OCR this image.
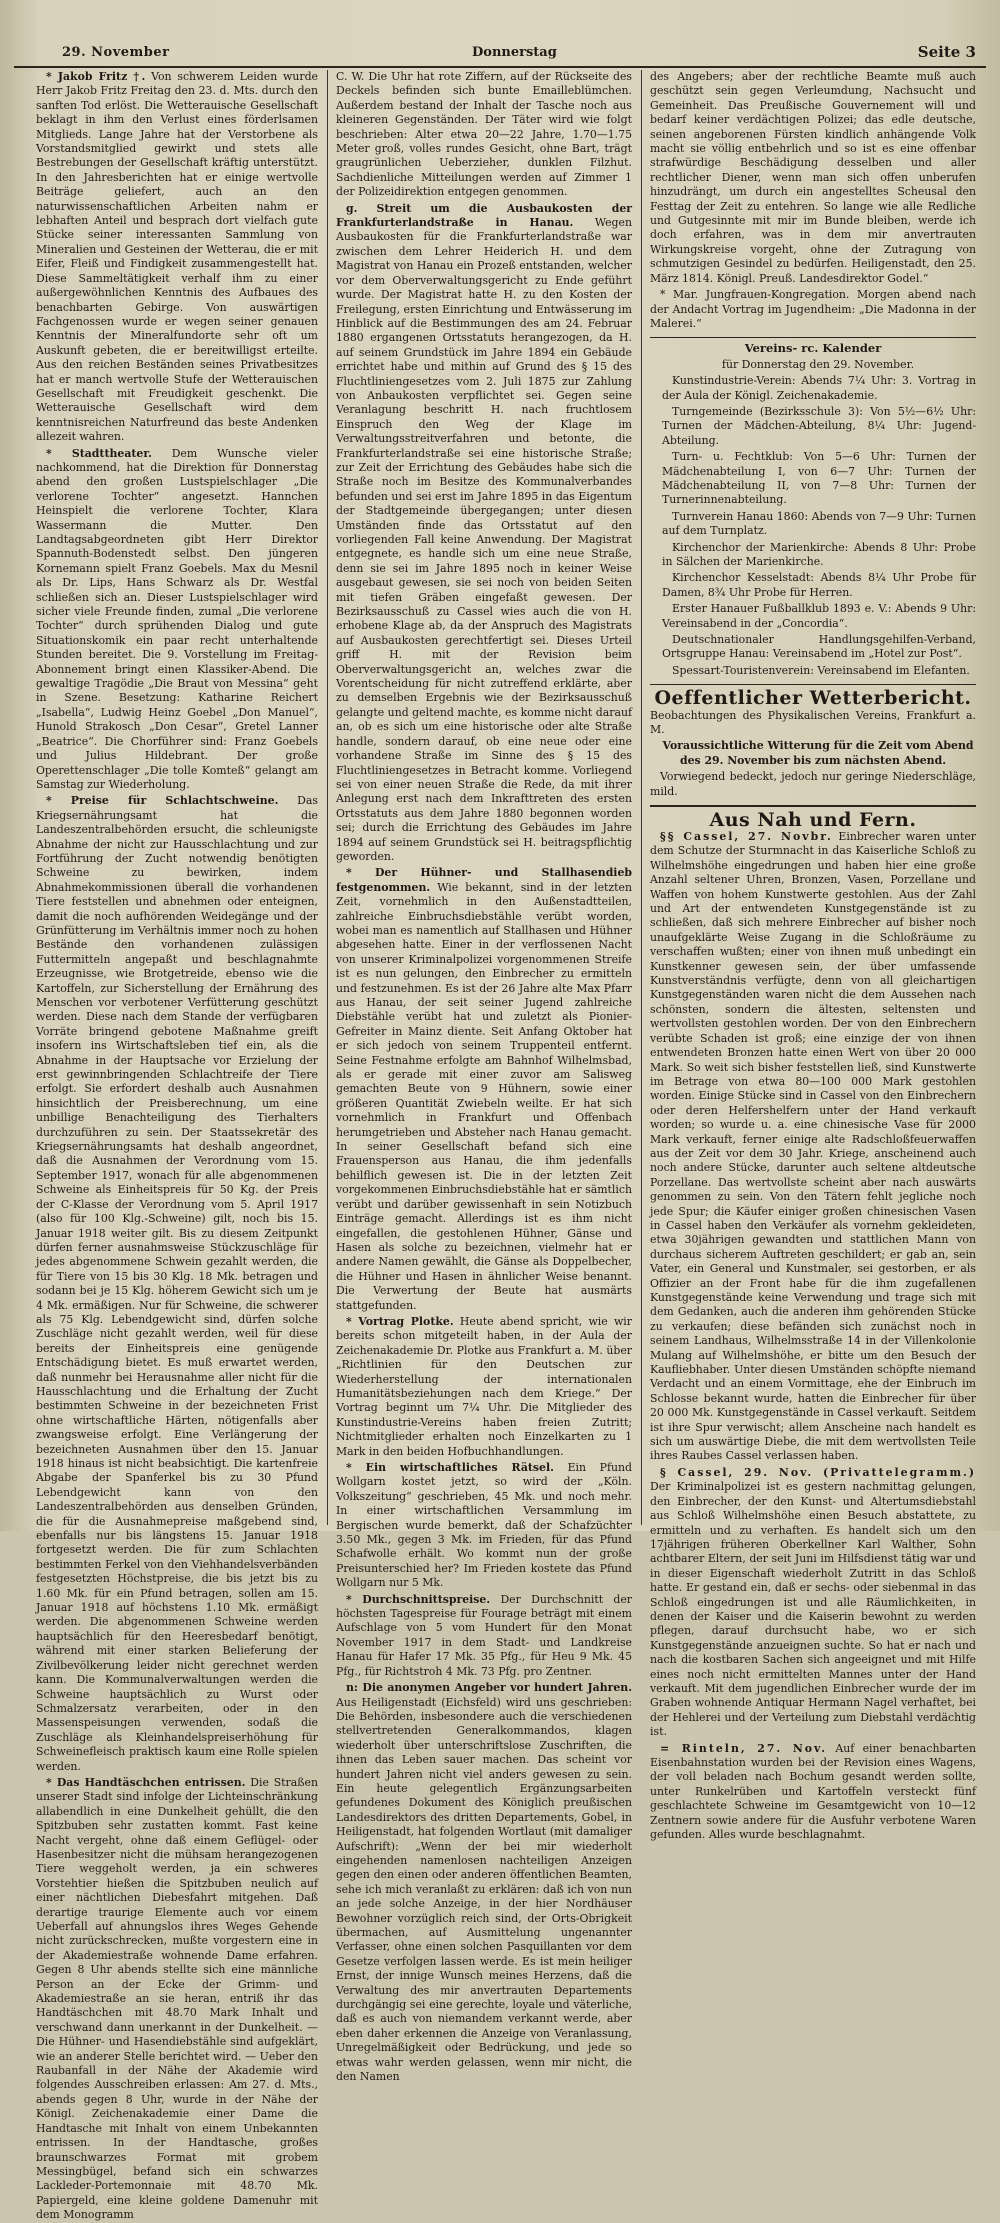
29. November	Donnerstag	Seite 3

* Jakob Fritz †. Von schwerem Leiden wurde Herr Jakob Fritz Freitag den 23. d. Mts. durch den sanften Tod erlöst. Die Wetterauische Gesellschaft beklagt in ihm den Verlust eines förderlsamen Mitglieds. Lange Jahre hat der Verstorbene als Vorstandsmitglied gewirkt und stets alle Bestrebungen der Gesellschaft kräftig unterstützt. In den Jahresberichten hat er einige wertvolle Beiträge geliefert, auch an den naturwissenschaftlichen Arbeiten nahm er lebhaften Anteil und besprach dort vielfach gute Stücke seiner interessanten Sammlung von Mineralien und Gesteinen der Wetterau, die er mit Eifer, Fleiß und Findigkeit zusammengestellt hat. Diese Sammeltätigkeit verhalf ihm zu einer außergewöhnlichen Kenntnis des Aufbaues des benachbarten Gebirge. Von auswärtigen Fachgenossen wurde er wegen seiner genauen Kenntnis der Mineralfundorte sehr oft um Auskunft gebeten, die er bereitwilligst erteilte. Aus den reichen Beständen seines Privatbesitzes hat er manch wertvolle Stufe der Wetterauischen Gesellschaft mit Freudigkeit geschenkt. Die Wetterauische Gesellschaft wird dem kenntnisreichen Naturfreund das beste Andenken allezeit wahren.

* Stadttheater. Dem Wunsche vieler nachkommend, hat die Direktion für Donnerstag abend den großen Lustspielschlager „Die verlorene Tochter“ angesetzt. Hannchen Heinspielt die verlorene Tochter, Klara Wassermann die Mutter. Den Landtagsabgeordneten gibt Herr Direktor Spannuth-Bodenstedt selbst. Den jüngeren Kornemann spielt Franz Goebels. Max du Mesnil als Dr. Lips, Hans Schwarz als Dr. Westfal schließen sich an. Dieser Lustspielschlager wird sicher viele Freunde finden, zumal „Die verlorene Tochter“ durch sprühenden Dialog und gute Situationskomik ein paar recht unterhaltende Stunden bereitet. Die 9. Vorstellung im Freitag-Abonnement bringt einen Klassiker-Abend. Die gewaltige Tragödie „Die Braut von Messina“ geht in Szene. Besetzung: Katharine Reichert „Isabella“, Ludwig Heinz Goebel „Don Manuel“, Hunold Strakosch „Don Cesar“, Gretel Lanner „Beatrice“. Die Chorführer sind: Franz Goebels und Julius Hildebrant. Der große Operettenschlager „Die tolle Komteß“ gelangt am Samstag zur Wiederholung.

* Preise für Schlachtschweine. Das Kriegsernährungsamt hat die Landeszentralbehörden ersucht, die schleunigste Abnahme der nicht zur Hausschlachtung und zur Fortführung der Zucht notwendig benötigten Schweine zu bewirken, indem Abnahmekommissionen überall die vorhandenen Tiere feststellen und abnehmen oder enteignen, damit die noch aufhörenden Weidegänge und der Grünfütterung im Verhältnis immer noch zu hohen Bestände den vorhandenen zulässigen Futtermitteln angepaßt und beschlagnahmte Erzeugnisse, wie Brotgetreide, ebenso wie die Kartoffeln, zur Sicherstellung der Ernährung des Menschen vor verbotener Verfütterung geschützt werden. Diese nach dem Stande der verfügbaren Vorräte bringend gebotene Maßnahme greift insofern ins Wirtschaftsleben tief ein, als die Abnahme in der Hauptsache vor Erzielung der erst gewinnbringenden Schlachtreife der Tiere erfolgt. Sie erfordert deshalb auch Ausnahmen hinsichtlich der Preisberechnung, um eine unbillige Benachteiligung des Tierhalters durchzuführen zu sein. Der Staatssekretär des Kriegsernährungsamts hat deshalb angeordnet, daß die Ausnahmen der Verordnung vom 15. September 1917, wonach für alle abgenommenen Schweine als Einheitspreis für 50 Kg. der Preis der C-Klasse der Verordnung vom 5. April 1917 (also für 100 Klg.-Schweine) gilt, noch bis 15. Januar 1918 weiter gilt. Bis zu diesem Zeitpunkt dürfen ferner ausnahmsweise Stückzuschläge für jedes abgenommene Schwein gezahlt werden, die für Tiere von 15 bis 30 Klg. 18 Mk. betragen und sodann bei je 15 Klg. höherem Gewicht sich um je 4 Mk. ermäßigen. Nur für Schweine, die schwerer als 75 Klg. Lebendgewicht sind, dürfen solche Zuschläge nicht gezahlt werden, weil für diese bereits der Einheitspreis eine genügende Entschädigung bietet. Es muß erwartet werden, daß nunmehr bei Herausnahme aller nicht für die Hausschlachtung und die Erhaltung der Zucht bestimmten Schweine in der bezeichneten Frist ohne wirtschaftliche Härten, nötigenfalls aber zwangsweise erfolgt. Eine Verlängerung der bezeichneten Ausnahmen über den 15. Januar 1918 hinaus ist nicht beabsichtigt. Die kartenfreie Abgabe der Spanferkel bis zu 30 Pfund Lebendgewicht kann von den Landeszentralbehörden aus denselben Gründen, die für die Ausnahmepreise maßgebend sind, ebenfalls nur bis längstens 15. Januar 1918 fortgesetzt werden. Die für zum Schlachten bestimmten Ferkel von den Viehhandelsverbänden festgesetzten Höchstpreise, die bis jetzt bis zu 1.60 Mk. für ein Pfund betragen, sollen am 15. Januar 1918 auf höchstens 1.10 Mk. ermäßigt werden. Die abgenommenen Schweine werden hauptsächlich für den Heeresbedarf benötigt, während mit einer starken Belieferung der Zivilbevölkerung leider nicht gerechnet werden kann. Die Kommunalverwaltungen werden die Schweine hauptsächlich zu Wurst oder Schmalzersatz verarbeiten, oder in den Massenspeisungen verwenden, sodaß die Zuschläge als Kleinhandelspreiserhöhung für Schweinefleisch praktisch kaum eine Rolle spielen werden.

* Das Handtäschchen entrissen. Die Straßen unserer Stadt sind infolge der Lichteinschränkung allabendlich in eine Dunkelheit gehüllt, die den Spitzbuben sehr zustatten kommt. Fast keine Nacht vergeht, ohne daß einem Geflügel- oder Hasenbesitzer nicht die mühsam herangezogenen Tiere weggeholt werden, ja ein schweres Vorstehtier hießen die Spitzbuben neulich auf einer nächtlichen Diebesfahrt mitgehen. Daß derartige traurige Elemente auch vor einem Ueberfall auf ahnungslos ihres Weges Gehende nicht zurückschrecken, mußte vorgestern eine in der Akademiestraße wohnende Dame erfahren. Gegen 8 Uhr abends stellte sich eine männliche Person an der Ecke der Grimm- und Akademiestraße an sie heran, entriß ihr das Handtäschchen mit 48.70 Mark Inhalt und verschwand dann unerkannt in der Dunkelheit. — Die Hühner- und Hasendiebstähle sind aufgeklärt, wie an anderer Stelle berichtet wird. — Ueber den Raubanfall in der Nähe der Akademie wird folgendes Ausschreiben erlassen: Am 27. d. Mts., abends gegen 8 Uhr, wurde in der Nähe der Königl. Zeichenakademie einer Dame die Handtasche mit Inhalt von einem Unbekannten entrissen. In der Handtasche, großes braunschwarzes Format mit grobem Messingbügel, befand sich ein schwarzes Lackleder-Portemonnaie mit 48.70 Mk. Papiergeld, eine kleine goldene Damenuhr mit dem Monogramm

C. W. Die Uhr hat rote Ziffern, auf der Rückseite des Deckels befinden sich bunte Emailleblümchen. Außerdem bestand der Inhalt der Tasche noch aus kleineren Gegenständen. Der Täter wird wie folgt beschrieben: Alter etwa 20—22 Jahre, 1.70—1.75 Meter groß, volles rundes Gesicht, ohne Bart, trägt graugrünlichen Ueberzieher, dunklen Filzhut. Sachdienliche Mitteilungen werden auf Zimmer 1 der Polizeidirektion entgegen genommen.

g. Streit um die Ausbaukosten der Frankfurterlandstraße in Hanau. Wegen Ausbaukosten für die Frankfurterlandstraße war zwischen dem Lehrer Heiderich H. und dem Magistrat von Hanau ein Prozeß entstanden, welcher vor dem Oberverwaltungsgericht zu Ende geführt wurde. Der Magistrat hatte H. zu den Kosten der Freilegung, ersten Einrichtung und Entwässerung im Hinblick auf die Bestimmungen des am 24. Februar 1880 ergangenen Ortsstatuts herangezogen, da H. auf seinem Grundstück im Jahre 1894 ein Gebäude errichtet habe und mithin auf Grund des § 15 des Fluchtliniengesetzes vom 2. Juli 1875 zur Zahlung von Anbaukosten verpflichtet sei. Gegen seine Veranlagung beschritt H. nach fruchtlosem Einspruch den Weg der Klage im Verwaltungsstreitverfahren und betonte, die Frankfurterlandstraße sei eine historische Straße; zur Zeit der Errichtung des Gebäudes habe sich die Straße noch im Besitze des Kommunalverbandes befunden und sei erst im Jahre 1895 in das Eigentum der Stadtgemeinde übergegangen; unter diesen Umständen finde das Ortsstatut auf den vorliegenden Fall keine Anwendung. Der Magistrat entgegnete, es handle sich um eine neue Straße, denn sie sei im Jahre 1895 noch in keiner Weise ausgebaut gewesen, sie sei noch von beiden Seiten mit tiefen Gräben eingefaßt gewesen. Der Bezirksausschuß zu Cassel wies auch die von H. erhobene Klage ab, da der Anspruch des Magistrats auf Ausbaukosten gerechtfertigt sei. Dieses Urteil griff H. mit der Revision beim Oberverwaltungsgericht an, welches zwar die Vorentscheidung für nicht zutreffend erklärte, aber zu demselben Ergebnis wie der Bezirksausschuß gelangte und geltend machte, es komme nicht darauf an, ob es sich um eine historische oder alte Straße handle, sondern darauf, ob eine neue oder eine vorhandene Straße im Sinne des § 15 des Fluchtliniengesetzes in Betracht komme. Vorliegend sei von einer neuen Straße die Rede, da mit ihrer Anlegung erst nach dem Inkrafttreten des ersten Ortsstatuts aus dem Jahre 1880 begonnen worden sei; durch die Errichtung des Gebäudes im Jahre 1894 auf seinem Grundstück sei H. beitragspflichtig geworden.

* Der Hühner- und Stallhasendieb festgenommen. Wie bekannt, sind in der letzten Zeit, vornehmlich in den Außenstadtteilen, zahlreiche Einbruchsdiebstähle verübt worden, wobei man es namentlich auf Stallhasen und Hühner abgesehen hatte. Einer in der verflossenen Nacht von unserer Kriminalpolizei vorgenommenen Streife ist es nun gelungen, den Einbrecher zu ermitteln und festzunehmen. Es ist der 26 Jahre alte Max Pfarr aus Hanau, der seit seiner Jugend zahlreiche Diebstähle verübt hat und zuletzt als Pionier-Gefreiter in Mainz diente. Seit Anfang Oktober hat er sich jedoch von seinem Truppenteil entfernt. Seine Festnahme erfolgte am Bahnhof Wilhelmsbad, als er gerade mit einer zuvor am Salisweg gemachten Beute von 9 Hühnern, sowie einer größeren Quantität Zwiebeln weilte. Er hat sich vornehmlich in Frankfurt und Offenbach herumgetrieben und Absteher nach Hanau gemacht. In seiner Gesellschaft befand sich eine Frauensperson aus Hanau, die ihm jedenfalls behilflich gewesen ist. Die in der letzten Zeit vorgekommenen Einbruchsdiebstähle hat er sämtlich verübt und darüber gewissenhaft in sein Notizbuch Einträge gemacht. Allerdings ist es ihm nicht eingefallen, die gestohlenen Hühner, Gänse und Hasen als solche zu bezeichnen, vielmehr hat er andere Namen gewählt, die Gänse als Doppelbecher, die Hühner und Hasen in ähnlicher Weise benannt. Die Verwertung der Beute hat ausmärts stattgefunden.

* Vortrag Plotke. Heute abend spricht, wie wir bereits schon mitgeteilt haben, in der Aula der Zeichenakademie Dr. Plotke aus Frankfurt a. M. über „Richtlinien für den Deutschen zur Wiederherstellung der internationalen Humanitätsbeziehungen nach dem Kriege.“ Der Vortrag beginnt um 7¼ Uhr. Die Mitglieder des Kunstindustrie-Vereins haben freien Zutritt; Nichtmitglieder erhalten noch Einzelkarten zu 1 Mark in den beiden Hofbuchhandlungen.

* Ein wirtschaftliches Rätsel. Ein Pfund Wollgarn kostet jetzt, so wird der „Köln. Volkszeitung“ geschrieben, 45 Mk. und noch mehr. In einer wirtschaftlichen Versammlung im Bergischen wurde bemerkt, daß der Schafzüchter 3.50 Mk., gegen 3 Mk. im Frieden, für das Pfund Schafwolle erhält. Wo kommt nun der große Preisunterschied her? Im Frieden kostete das Pfund Wollgarn nur 5 Mk.

* Durchschnittspreise. Der Durchschnitt der höchsten Tagespreise für Fourage beträgt mit einem Aufschlage von 5 vom Hundert für den Monat November 1917 in dem Stadt- und Landkreise Hanau für Hafer 17 Mk. 35 Pfg., für Heu 9 Mk. 45 Pfg., für Richtstroh 4 Mk. 73 Pfg. pro Zentner.

n: Die anonymen Angeber vor hundert Jahren. Aus Heiligenstadt (Eichsfeld) wird uns geschrieben: Die Behörden, insbesondere auch die verschiedenen stellvertretenden Generalkommandos, klagen wiederholt über unterschriftslose Zuschriften, die ihnen das Leben sauer machen. Das scheint vor hundert Jahren nicht viel anders gewesen zu sein. Ein heute gelegentlich Ergänzungsarbeiten gefundenes Dokument des Königlich preußischen Landesdirektors des dritten Departements, Gobel, in Heiligenstadt, hat folgenden Wortlaut (mit damaliger Aufschrift): „Wenn der bei mir wiederholt eingehenden namenlosen nachteiligen Anzeigen gegen den einen oder anderen öffentlichen Beamten, sehe ich mich veranlaßt zu erklären: daß ich von nun an jede solche Anzeige, in der hier Nordhäuser Bewohner vorzüglich reich sind, der Orts-Obrigkeit übermachen, auf Ausmittelung ungenannter Verfasser, ohne einen solchen Pasquillanten vor dem Gesetze verfolgen lassen werde. Es ist mein heiliger Ernst, der innige Wunsch meines Herzens, daß die Verwaltung des mir anvertrauten Departements durchgängig sei eine gerechte, loyale und väterliche, daß es auch von niemandem verkannt werde, aber eben daher erkennen die Anzeige von Veranlassung, Unregelmäßigkeit oder Bedrückung, und jede so etwas wahr werden gelassen, wenn mir nicht, die den Namen

des Angebers; aber der rechtliche Beamte muß auch geschützt sein gegen Verleumdung, Nachsucht und Gemeinheit. Das Preußische Gouvernement will und bedarf keiner verdächtigen Polizei; das edle deutsche, seinen angeborenen Fürsten kindlich anhängende Volk macht sie völlig entbehrlich und so ist es eine offenbar strafwürdige Beschädigung desselben und aller rechtlicher Diener, wenn man sich offen unberufen hinzudrängt, um durch ein angestelltes Scheusal den Festtag der Zeit zu entehren. So lange wie alle Redliche und Gutgesinnte mit mir im Bunde bleiben, werde ich doch erfahren, was in dem mir anvertrauten Wirkungskreise vorgeht, ohne der Zutragung von schmutzigen Gesindel zu bedürfen. Heiligenstadt, den 25. März 1814. Königl. Preuß. Landesdirektor Godel.“

* Mar. Jungfrauen-Kongregation. Morgen abend nach der Andacht Vortrag im Jugendheim: „Die Madonna in der Malerei.“

Vereins- rc. Kalender

für Donnerstag den 29. November.

Kunstindustrie-Verein: Abends 7¼ Uhr: 3. Vortrag in der Aula der Königl. Zeichenakademie.

Turngemeinde (Bezirksschule 3): Von 5½—6½ Uhr: Turnen der Mädchen-Abteilung, 8¼ Uhr: Jugend-Abteilung.

Turn- u. Fechtklub: Von 5—6 Uhr: Turnen der Mädchenabteilung I, von 6—7 Uhr: Turnen der Mädchenabteilung II, von 7—8 Uhr: Turnen der Turnerinnenabteilung.

Turnverein Hanau 1860: Abends von 7—9 Uhr: Turnen auf dem Turnplatz.

Kirchenchor der Marienkirche: Abends 8 Uhr: Probe in Sälchen der Marienkirche.

Kirchenchor Kesselstadt: Abends 8¼ Uhr Probe für Damen, 8¾ Uhr Probe für Herren.

Erster Hanauer Fußballklub 1893 e. V.: Abends 9 Uhr: Vereinsabend in der „Concordia“.

Deutschnationaler Handlungsgehilfen-Verband, Ortsgruppe Hanau: Vereinsabend im „Hotel zur Post“.

Spessart-Touristenverein: Vereinsabend im Elefanten.

Oeffentlicher Wetterbericht.

Beobachtungen des Physikalischen Vereins, Frankfurt a. M.

Voraussichtliche Witterung für die Zeit vom Abend des 29. November bis zum nächsten Abend.

Vorwiegend bedeckt, jedoch nur geringe Niederschläge, mild.

Aus Nah und Fern.

§§ Cassel, 27. Novbr. Einbrecher waren unter dem Schutze der Sturmnacht in das Kaiserliche Schloß zu Wilhelmshöhe eingedrungen und haben hier eine große Anzahl seltener Uhren, Bronzen, Vasen, Porzellane und Waffen von hohem Kunstwerte gestohlen. Aus der Zahl und Art der entwendeten Kunstgegenstände ist zu schließen, daß sich mehrere Einbrecher auf bisher noch unaufgeklärte Weise Zugang in die Schloßräume zu verschaffen wußten; einer von ihnen muß unbedingt ein Kunstkenner gewesen sein, der über umfassende Kunstverständnis verfügte, denn von all gleichartigen Kunstgegenständen waren nicht die dem Aussehen nach schönsten, sondern die ältesten, seltensten und wertvollsten gestohlen worden. Der von den Einbrechern verübte Schaden ist groß; eine einzige der von ihnen entwendeten Bronzen hatte einen Wert von über 20 000 Mark. So weit sich bisher feststellen ließ, sind Kunstwerte im Betrage von etwa 80—100 000 Mark gestohlen worden. Einige Stücke sind in Cassel von den Einbrechern oder deren Helfershelfern unter der Hand verkauft worden; so wurde u. a. eine chinesische Vase für 2000 Mark verkauft, ferner einige alte Radschloßfeuerwaffen aus der Zeit vor dem 30 Jahr. Kriege, anscheinend auch noch andere Stücke, darunter auch seltene altdeutsche Porzellane. Das wertvollste scheint aber nach auswärts genommen zu sein. Von den Tätern fehlt jegliche noch jede Spur; die Käufer einiger großen chinesischen Vasen in Cassel haben den Verkäufer als vornehm gekleideten, etwa 30jährigen gewandten und stattlichen Mann von durchaus sicherem Auftreten geschildert; er gab an, sein Vater, ein General und Kunstmaler, sei gestorben, er als Offizier an der Front habe für die ihm zugefallenen Kunstgegenstände keine Verwendung und trage sich mit dem Gedanken, auch die anderen ihm gehörenden Stücke zu verkaufen; diese befänden sich zunächst noch in seinem Landhaus, Wilhelmsstraße 14 in der Villenkolonie Mulang auf Wilhelmshöhe, er bitte um den Besuch der Kaufliebhaber. Unter diesen Umständen schöpfte niemand Verdacht und an einem Vormittage, ehe der Einbruch im Schlosse bekannt wurde, hatten die Einbrecher für über 20 000 Mk. Kunstgegenstände in Cassel verkauft. Seitdem ist ihre Spur verwischt; allem Anscheine nach handelt es sich um auswärtige Diebe, die mit dem wertvollsten Teile ihres Raubes Cassel verlassen haben.

§ Cassel, 29. Nov. (Privattelegramm.) Der Kriminalpolizei ist es gestern nachmittag gelungen, den Einbrecher, der den Kunst- und Altertumsdiebstahl aus Schloß Wilhelmshöhe einen Besuch abstattete, zu ermitteln und zu verhaften. Es handelt sich um den 17jährigen früheren Oberkellner Karl Walther, Sohn achtbarer Eltern, der seit Juni im Hilfsdienst tätig war und in dieser Eigenschaft wiederholt Zutritt in das Schloß hatte. Er gestand ein, daß er sechs- oder siebenmal in das Schloß eingedrungen ist und alle Räumlichkeiten, in denen der Kaiser und die Kaiserin bewohnt zu werden pflegen, darauf durchsucht habe, wo er sich Kunstgegenstände anzueignen suchte. So hat er nach und nach die kostbaren Sachen sich angeeignet und mit Hilfe eines noch nicht ermittelten Mannes unter der Hand verkauft. Mit dem jugendlichen Einbrecher wurde der im Graben wohnende Antiquar Hermann Nagel verhaftet, bei der Hehlerei und der Verteilung zum Diebstahl verdächtig ist.

= Rinteln, 27. Nov. Auf einer benachbarten Eisenbahnstation wurden bei der Revision eines Wagens, der voll beladen nach Bochum gesandt werden sollte, unter Runkelrüben und Kartoffeln versteckt fünf geschlachtete Schweine im Gesamtgewicht von 10—12 Zentnern sowie andere für die Ausfuhr verbotene Waren gefunden. Alles wurde beschlagnahmt.
